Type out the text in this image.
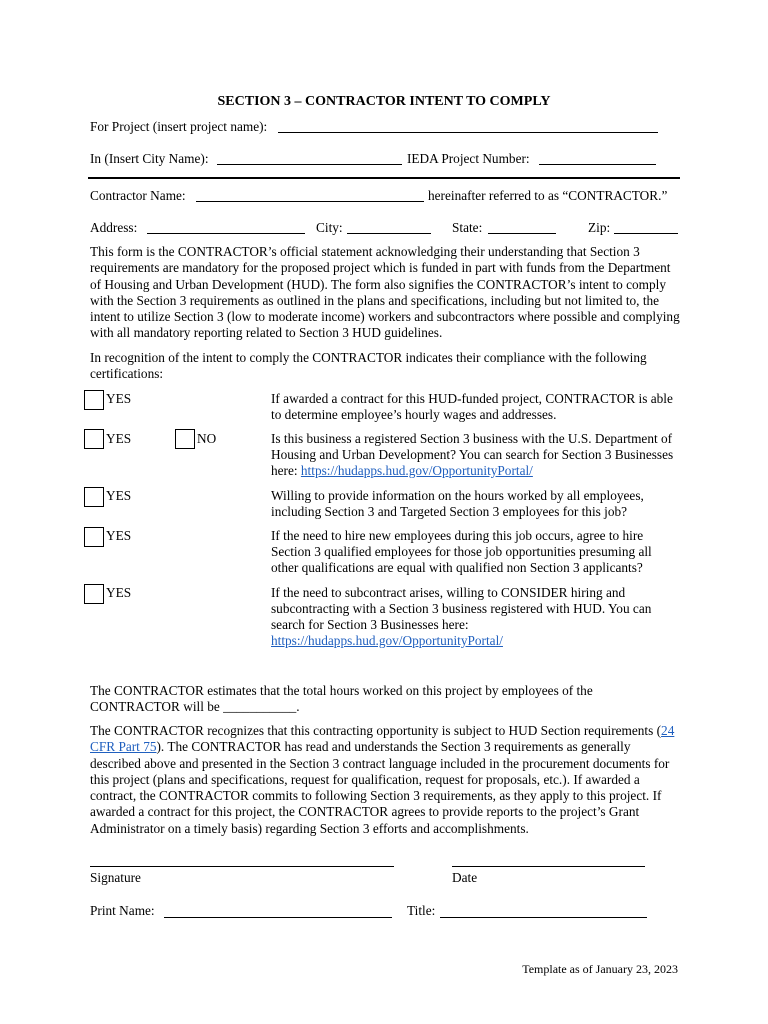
SECTION 3 – CONTRACTOR INTENT TO COMPLY
For Project (insert project name):
In (Insert City Name):	IEDA Project Number:
Contractor Name:	hereinafter referred to as “CONTRACTOR.”
Address:	City:	State:	Zip:
This form is the CONTRACTOR’s official statement acknowledging their understanding that Section 3 requirements are mandatory for the proposed project which is funded in part with funds from the Department of Housing and Urban Development (HUD). The form also signifies the CONTRACTOR’s intent to comply with the Section 3 requirements as outlined in the plans and specifications, including but not limited to, the intent to utilize Section 3 (low to moderate income) workers and subcontractors where possible and complying with all mandatory reporting related to Section 3 HUD guidelines.
In recognition of the intent to comply the CONTRACTOR indicates their compliance with the following certifications:
YES	If awarded a contract for this HUD-funded project, CONTRACTOR is able to determine employee’s hourly wages and addresses.
YES	NO	Is this business a registered Section 3 business with the U.S. Department of Housing and Urban Development? You can search for Section 3 Businesses here: https://hudapps.hud.gov/OpportunityPortal/
YES	Willing to provide information on the hours worked by all employees, including Section 3 and Targeted Section 3 employees for this job?
YES	If the need to hire new employees during this job occurs, agree to hire Section 3 qualified employees for those job opportunities presuming all other qualifications are equal with qualified non Section 3 applicants?
YES	If the need to subcontract arises, willing to CONSIDER hiring and subcontracting with a Section 3 business registered with HUD. You can search for Section 3 Businesses here: https://hudapps.hud.gov/OpportunityPortal/
The CONTRACTOR estimates that the total hours worked on this project by employees of the CONTRACTOR will be ___________.
The CONTRACTOR recognizes that this contracting opportunity is subject to HUD Section requirements (24 CFR Part 75). The CONTRACTOR has read and understands the Section 3 requirements as generally described above and presented in the Section 3 contract language included in the procurement documents for this project (plans and specifications, request for qualification, request for proposals, etc.). If awarded a contract, the CONTRACTOR commits to following Section 3 requirements, as they apply to this project. If awarded a contract for this project, the CONTRACTOR agrees to provide reports to the project’s Grant Administrator on a timely basis) regarding Section 3 efforts and accomplishments.
Signature	Date
Print Name:	Title:
Template as of January 23, 2023
